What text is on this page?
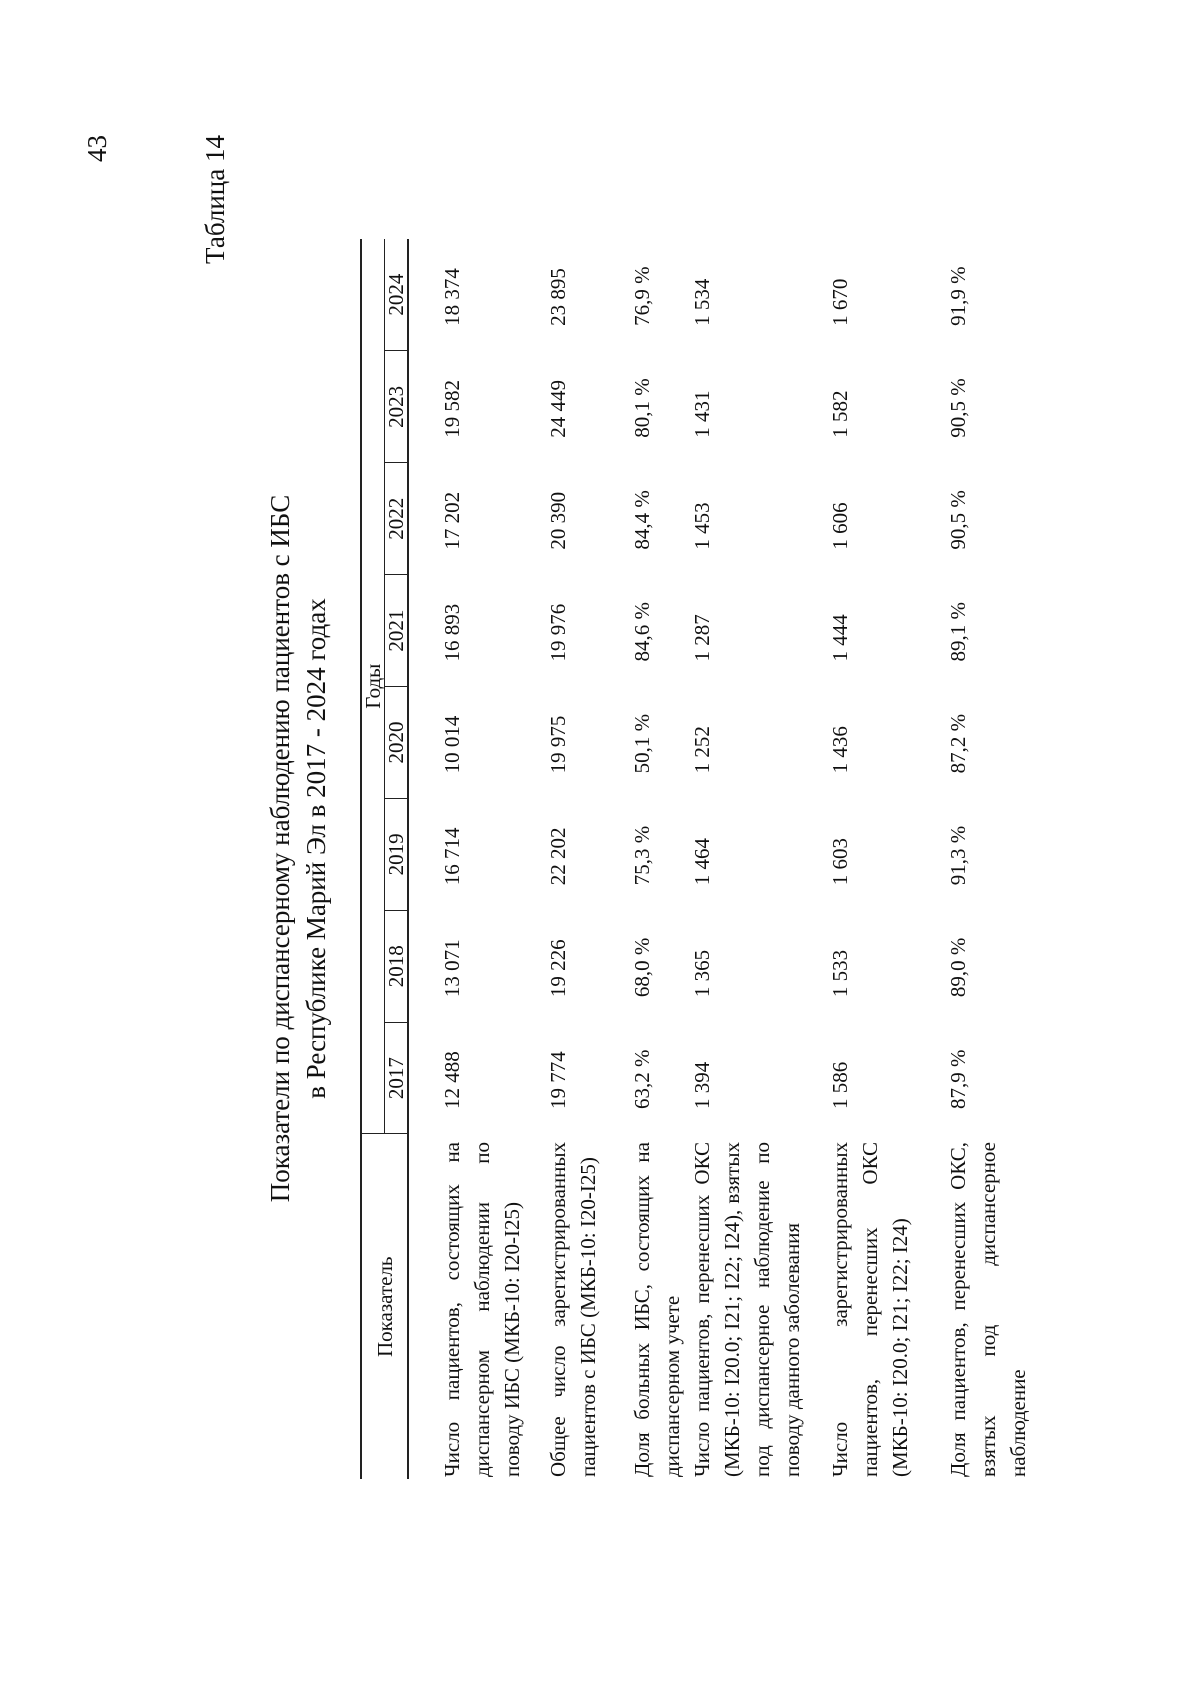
43	Таблица 14
Показатели по диспансерному наблюдению пациентов с ИБС в Республике Марий Эл в 2017 - 2024 годах
Показатель	Годы							
	2017	2018	2019	2020	2021	2022	2023	2024
Число пациентов, состоящих на диспансерном наблюдении по поводу ИБС (МКБ-10: I20-I25)	12 488	13 071	16 714	10 014	16 893	17 202	19 582	18 374
Общее число зарегистрированных пациентов с ИБС (МКБ-10: I20-I25)	19 774	19 226	22 202	19 975	19 976	20 390	24 449	23 895
Доля больных ИБС, состоящих на диспансерном учете	63,2 %	68,0 %	75,3 %	50,1 %	84,6 %	84,4 %	80,1 %	76,9 %
Число пациентов, перенесших ОКС (МКБ-10: I20.0; I21; I22; I24), взятых под диспансерное наблюдение по поводу данного заболевания	1 394	1 365	1 464	1 252	1 287	1 453	1 431	1 534
Число зарегистрированных пациентов, перенесших ОКС (МКБ-10: I20.0; I21; I22; I24)	1 586	1 533	1 603	1 436	1 444	1 606	1 582	1 670
Доля пациентов, перенесших ОКС, взятых под диспансерное наблюдение	87,9 %	89,0 %	91,3 %	87,2 %	89,1 %	90,5 %	90,5 %	91,9 %
